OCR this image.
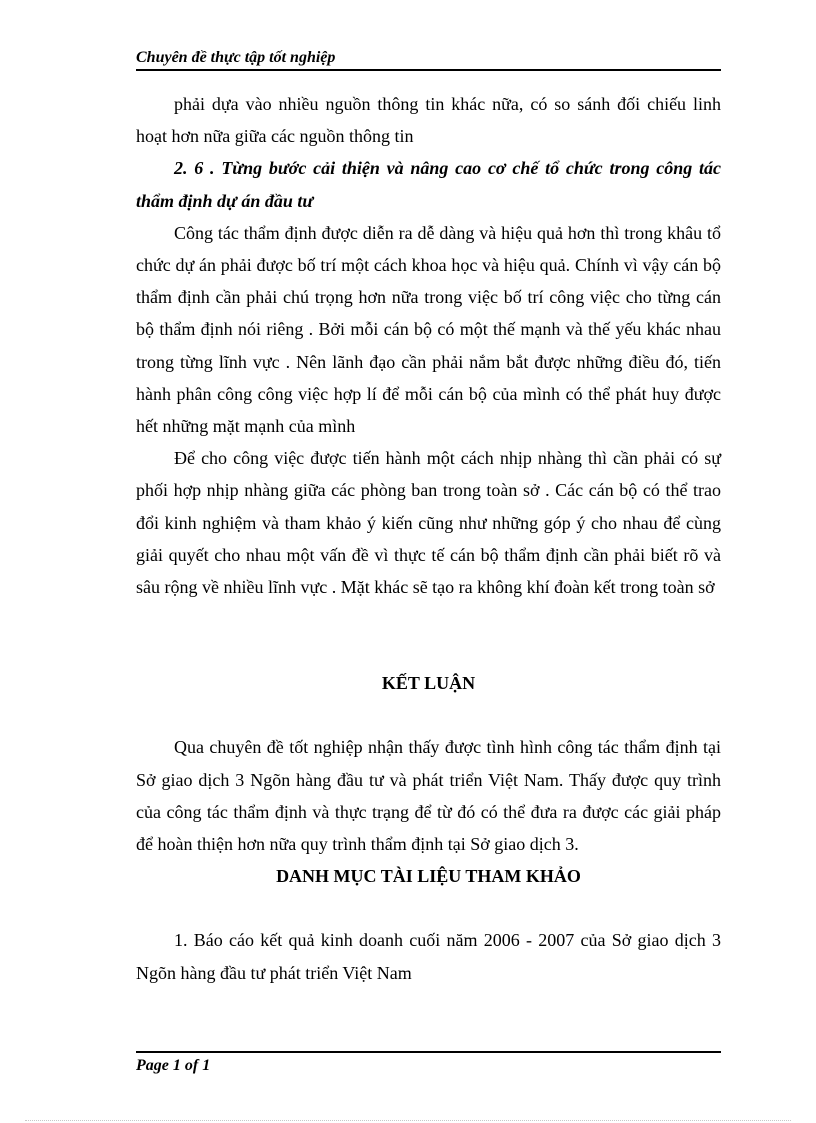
Chuyên đề thực tập tốt nghiệp

phải dựa vào nhiều nguồn thông tin khác nữa, có so sánh đối chiếu linh hoạt hơn nữa giữa các nguồn thông tin

2. 6 . Từng bước cải thiện và nâng cao cơ chế tổ chức trong công tác thẩm định dự án đầu tư

Công tác thẩm định được diễn ra dễ dàng và hiệu quả hơn thì trong khâu tổ chức dự án phải được bố trí một cách khoa học và hiệu quả. Chính vì vậy cán bộ thẩm định cần phải chú trọng hơn nữa trong việc bố trí công việc cho từng cán bộ thẩm định nói riêng . Bởi mỗi cán bộ có một thế mạnh và thế yếu khác nhau trong từng lĩnh vực . Nên lãnh đạo cần phải nắm bắt được những điều đó, tiến hành phân công công việc hợp lí để mỗi cán bộ của mình có thể phát huy được hết những mặt mạnh của mình

Để cho công việc được tiến hành một cách nhịp nhàng thì cần phải có sự phối hợp nhịp nhàng giữa các phòng ban trong toàn sở . Các cán bộ có thể trao đổi kinh nghiệm và tham khảo ý kiến cũng như những góp ý cho nhau để cùng giải quyết cho nhau một vấn đề vì thực tế cán bộ thẩm định cần phải biết rõ và sâu rộng về nhiều lĩnh vực . Mặt khác sẽ tạo ra không khí đoàn kết trong toàn sở

KẾT LUẬN

Qua chuyên đề tốt nghiệp nhận thấy được tình hình công tác thẩm định tại Sở giao dịch 3 Ngõn hàng đầu tư và phát triển Việt Nam. Thấy được quy trình của công tác thẩm định và thực trạng để từ đó có thể đưa ra được các giải pháp để hoàn thiện hơn nữa quy trình thẩm định tại Sở giao dịch 3.

DANH MỤC TÀI LIỆU THAM KHẢO

1. Báo cáo kết quả kinh doanh cuối năm 2006 - 2007 của Sở giao dịch 3 Ngõn hàng đầu tư phát triển Việt Nam

Page 1 of 1
